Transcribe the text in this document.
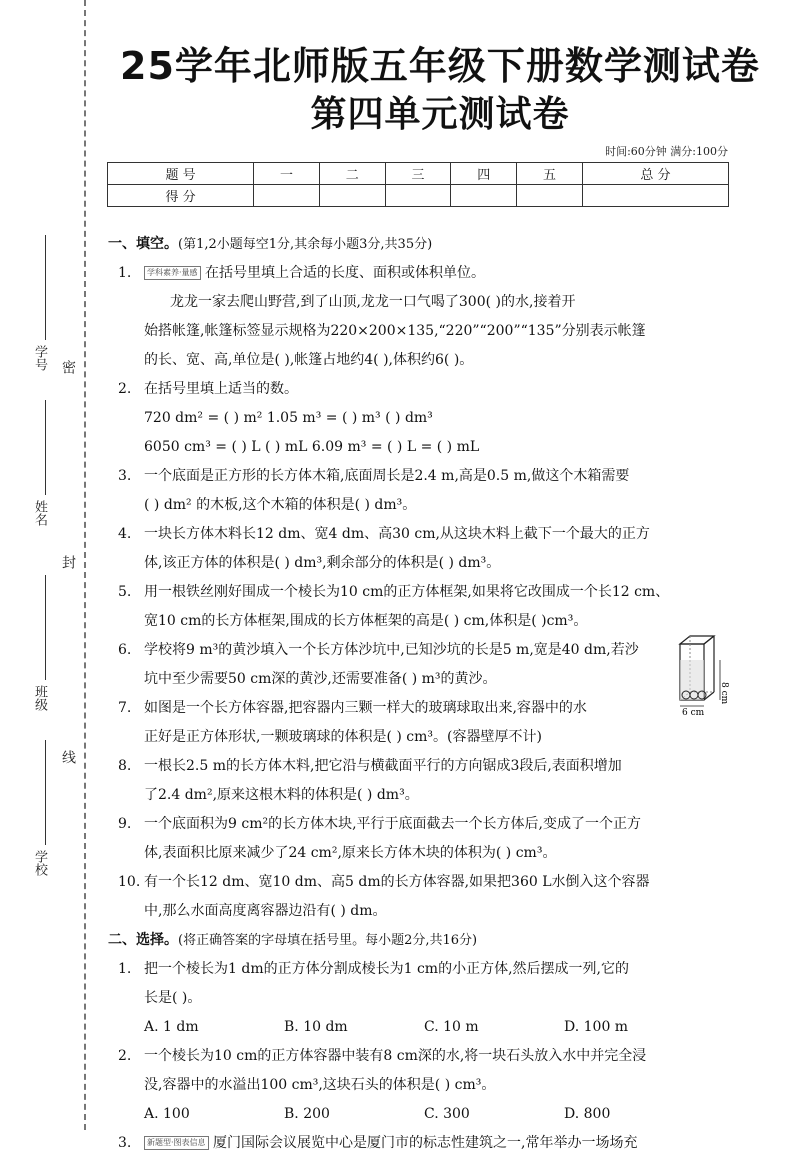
学号
姓名
班级
学校
密
封
线
25学年北师版五年级下册数学测试卷
第四单元测试卷
时间:60分钟 满分:100分
题 号	一	二	三	四	五	总 分
得 分						
一、填空。(第1,2小题每空1分,其余每小题3分,共35分)
1. 学科素养·量感 在括号里填上合适的长度、面积或体积单位。
龙龙一家去爬山野营,到了山顶,龙龙一口气喝了300( )的水,接着开
始搭帐篷,帐篷标签显示规格为220×200×135,“220”“200”“135”分别表示帐篷
的长、宽、高,单位是( ),帐篷占地约4( ),体积约6( )。
2. 在括号里填上适当的数。
720 dm² = ( ) m² 1.05 m³ = ( ) m³ ( ) dm³
6050 cm³ = ( ) L ( ) mL 6.09 m³ = ( ) L = ( ) mL
3. 一个底面是正方形的长方体木箱,底面周长是2.4 m,高是0.5 m,做这个木箱需要
( ) dm² 的木板,这个木箱的体积是( ) dm³。
4. 一块长方体木料长12 dm、宽4 dm、高30 cm,从这块木料上截下一个最大的正方
体,该正方体的体积是( ) dm³,剩余部分的体积是( ) dm³。
5. 用一根铁丝刚好围成一个棱长为10 cm的正方体框架,如果将它改围成一个长12 cm、
宽10 cm的长方体框架,围成的长方体框架的高是( ) cm,体积是( )cm³。
6. 学校将9 m³的黄沙填入一个长方体沙坑中,已知沙坑的长是5 m,宽是40 dm,若沙
坑中至少需要50 cm深的黄沙,还需要准备( ) m³的黄沙。
7. 如图是一个长方体容器,把容器内三颗一样大的玻璃球取出来,容器中的水
正好是正方体形状,一颗玻璃球的体积是( ) cm³。(容器壁厚不计)
8. 一根长2.5 m的长方体木料,把它沿与横截面平行的方向锯成3段后,表面积增加
了2.4 dm²,原来这根木料的体积是( ) dm³。
9. 一个底面积为9 cm²的长方体木块,平行于底面截去一个长方体后,变成了一个正方
体,表面积比原来减少了24 cm²,原来长方体木块的体积为( ) cm³。
10. 有一个长12 dm、宽10 dm、高5 dm的长方体容器,如果把360 L水倒入这个容器
中,那么水面高度离容器边沿有( ) dm。
二、选择。(将正确答案的字母填在括号里。每小题2分,共16分)
1. 把一个棱长为1 dm的正方体分割成棱长为1 cm的小正方体,然后摆成一列,它的
长是( )。
A. 1 dm	B. 10 dm	C. 10 m	D. 100 m
2. 一个棱长为10 cm的正方体容器中装有8 cm深的水,将一块石头放入水中并完全浸
没,容器中的水溢出100 cm³,这块石头的体积是( ) cm³。
A. 100	B. 200	C. 300	D. 800
3. 新题型·图表信息 厦门国际会议展览中心是厦门市的标志性建筑之一,常年举办一场场充
8 cm
6 cm
